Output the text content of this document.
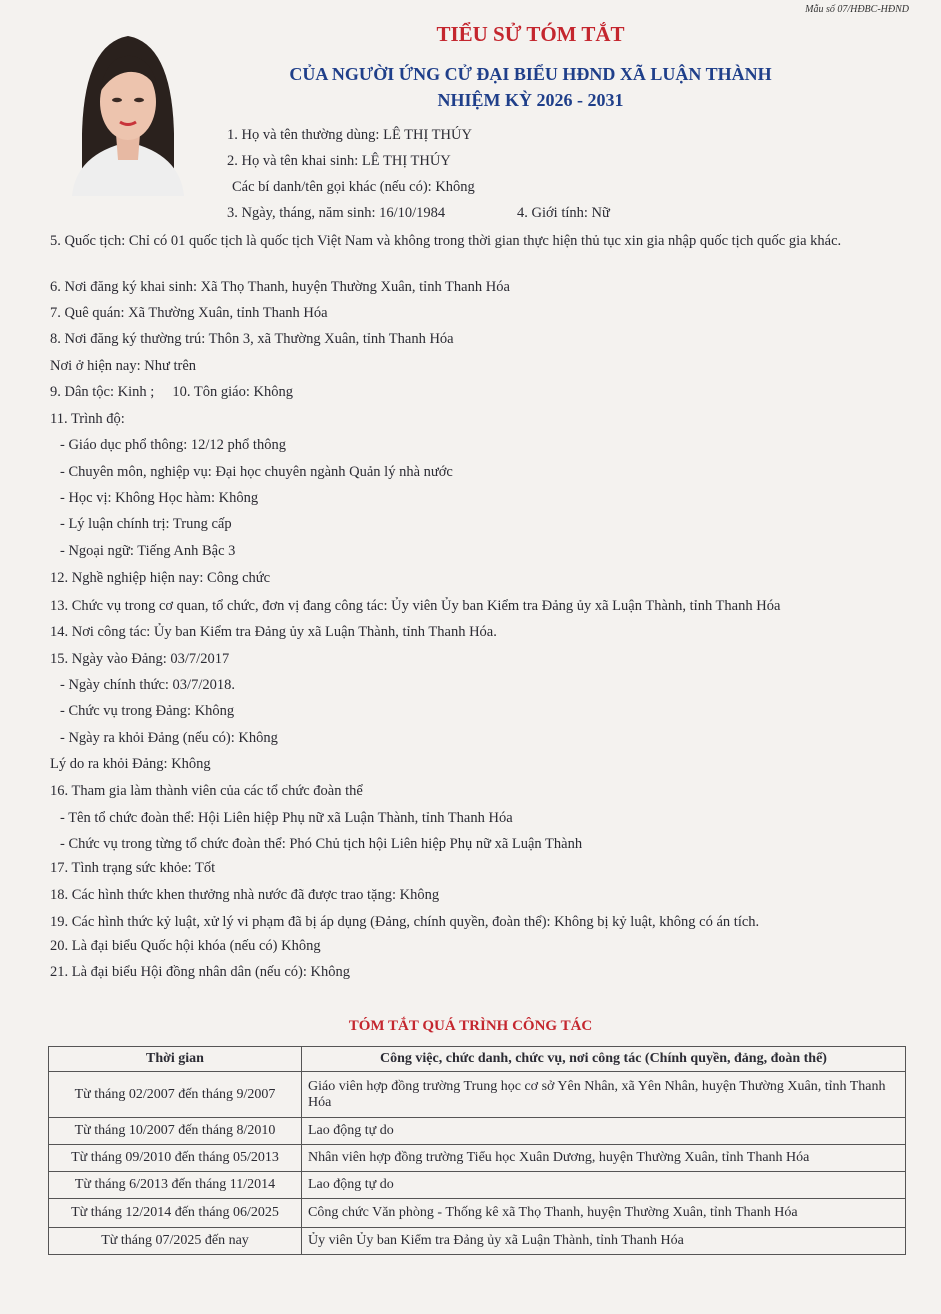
Mẫu số 07/HĐBC-HĐND
TIỂU SỬ TÓM TẮT
CỦA NGƯỜI ỨNG CỬ ĐẠI BIỂU HĐND XÃ LUẬN THÀNH
NHIỆM KỲ 2026 - 2031
1. Họ và tên thường dùng: LÊ THỊ THÚY
2. Họ và tên khai sinh: LÊ THỊ THÚY
Các bí danh/tên gọi khác (nếu có): Không
3. Ngày, tháng, năm sinh: 16/10/1984	4. Giới tính: Nữ
5. Quốc tịch: Chỉ có 01 quốc tịch là quốc tịch Việt Nam và không trong thời gian thực hiện thủ tục xin gia nhập quốc tịch quốc gia khác.
6. Nơi đăng ký khai sinh: Xã Thọ Thanh, huyện Thường Xuân, tỉnh Thanh Hóa
7. Quê quán: Xã Thường Xuân, tỉnh Thanh Hóa
8. Nơi đăng ký thường trú: Thôn 3, xã Thường Xuân, tỉnh Thanh Hóa
Nơi ở hiện nay: Như trên
9. Dân tộc: Kinh ;     10. Tôn giáo: Không
11. Trình độ:
- Giáo dục phổ thông: 12/12 phổ thông
- Chuyên môn, nghiệp vụ: Đại học chuyên ngành Quản lý nhà nước
- Học vị: Không Học hàm: Không
- Lý luận chính trị: Trung cấp
- Ngoại ngữ: Tiếng Anh Bậc 3
12. Nghề nghiệp hiện nay: Công chức
13. Chức vụ trong cơ quan, tổ chức, đơn vị đang công tác: Ủy viên Ủy ban Kiểm tra Đảng ủy xã Luận Thành, tỉnh Thanh Hóa
14. Nơi công tác: Ủy ban Kiểm tra Đảng ủy xã Luận Thành, tỉnh Thanh Hóa.
15. Ngày vào Đảng: 03/7/2017
- Ngày chính thức: 03/7/2018.
- Chức vụ trong Đảng: Không
- Ngày ra khỏi Đảng (nếu có): Không
Lý do ra khỏi Đảng: Không
16. Tham gia làm thành viên của các tổ chức đoàn thể
- Tên tổ chức đoàn thể: Hội Liên hiệp Phụ nữ xã Luận Thành, tỉnh Thanh Hóa
- Chức vụ trong từng tổ chức đoàn thể: Phó Chủ tịch hội Liên hiệp Phụ nữ xã Luận Thành
17. Tình trạng sức khỏe: Tốt
18. Các hình thức khen thưởng nhà nước đã được trao tặng: Không
19. Các hình thức kỷ luật, xử lý vi phạm đã bị áp dụng (Đảng, chính quyền, đoàn thể): Không bị kỷ luật, không có án tích.
20. Là đại biểu Quốc hội khóa (nếu có) Không
21. Là đại biểu Hội đồng nhân dân (nếu có): Không
TÓM TẮT QUÁ TRÌNH CÔNG TÁC
Thời gian	Công việc, chức danh, chức vụ, nơi công tác (Chính quyền, đảng, đoàn thể)
Từ tháng 02/2007 đến tháng 9/2007	Giáo viên hợp đồng trường Trung học cơ sở Yên Nhân, xã Yên Nhân, huyện Thường Xuân, tỉnh Thanh Hóa
Từ tháng 10/2007 đến tháng 8/2010	Lao động tự do
Từ tháng 09/2010 đến tháng 05/2013	Nhân viên hợp đồng trường Tiểu học Xuân Dương, huyện Thường Xuân, tỉnh Thanh Hóa
Từ tháng 6/2013 đến tháng 11/2014	Lao động tự do
Từ tháng 12/2014 đến tháng 06/2025	Công chức Văn phòng - Thống kê xã Thọ Thanh, huyện Thường Xuân, tỉnh Thanh Hóa
Từ tháng 07/2025 đến nay	Ủy viên Ủy ban Kiểm tra Đảng ủy xã Luận Thành, tỉnh Thanh Hóa
